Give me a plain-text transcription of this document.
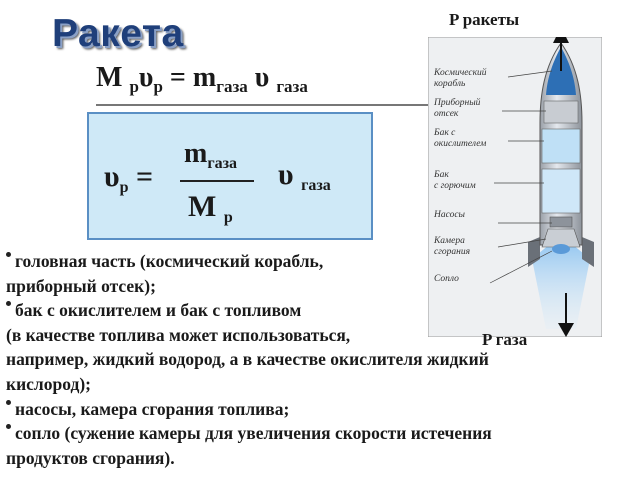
Ракета
M $_р\upsilon_р = m_{газа}$ υ $_{газа}$
$\upsilon_р$ =
$m_{газа}$
M $_р$
υ $_{газа}$
головная часть (космический корабль,
приборный отсек);
бак с окислителем и бак с топливом
(в качестве топлива может использоваться,
например, жидкий водород, а в качестве окислителя жидкий
кислород);
насосы, камера сгорания топлива;
сопло (сужение камеры для увеличения скорости истечения
продуктов сгорания).
Космический
корабль
Приборный
отсек
Бак с
окислителем
Бак
с горючим
Насосы
Камера
сгорания
Сопло
P ракеты
P газа
